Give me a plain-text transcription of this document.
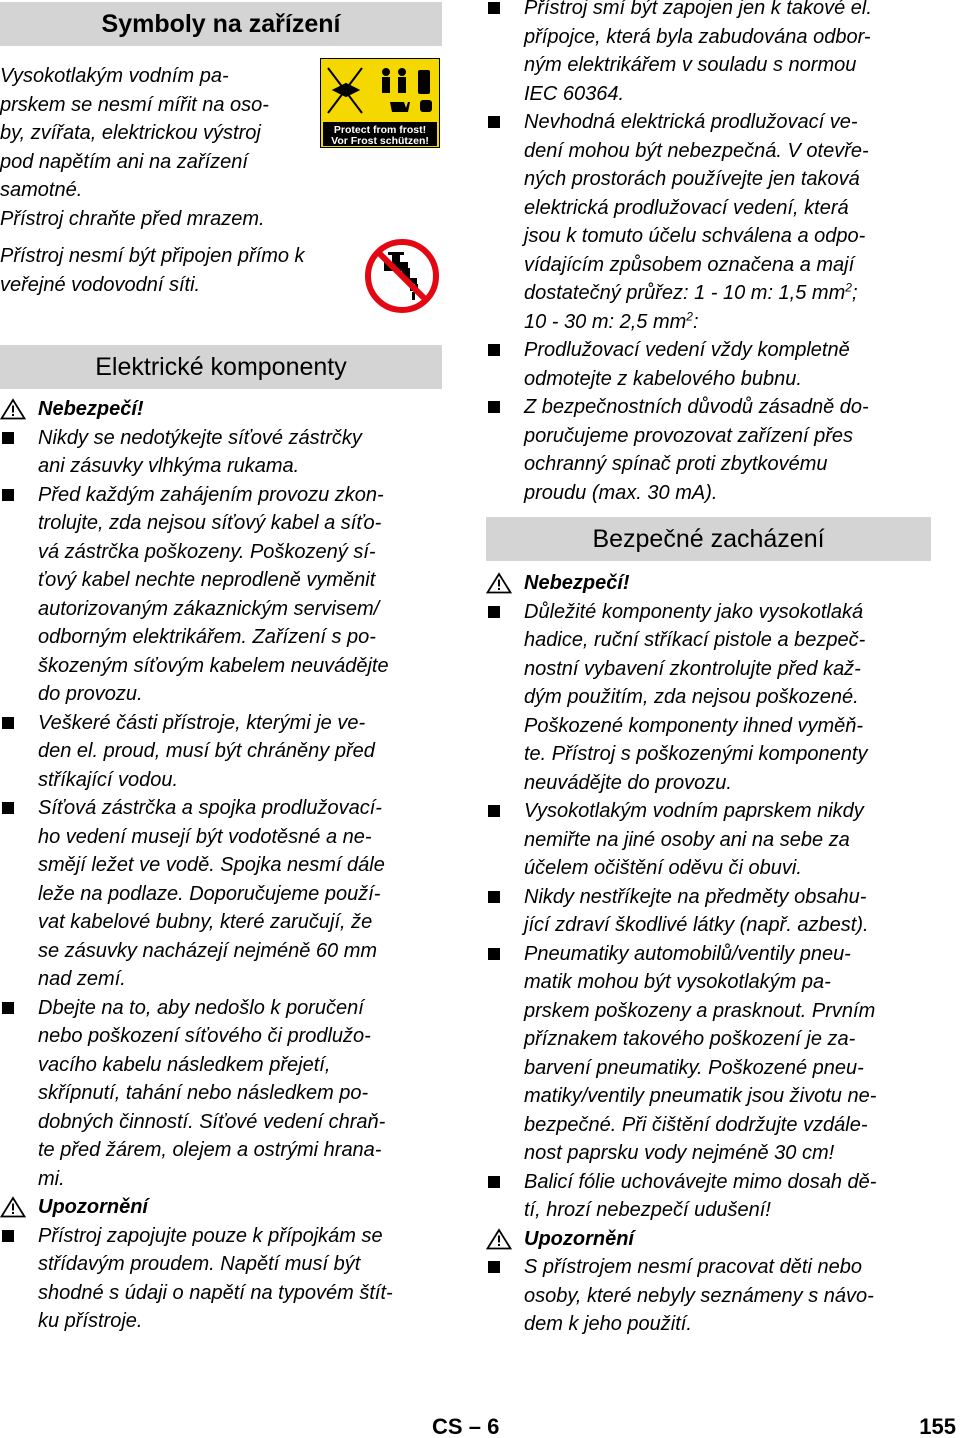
Symboly na zařízení
Vysokotlakým vodním pa-
prskem se nesmí mířit na oso-
by, zvířata, elektrickou výstroj
pod napětím ani na zařízení
samotné.
Přístroj chraňte před mrazem.
Přístroj nesmí být připojen přímo k
veřejné vodovodní síti.
Protect from frost!
Vor Frost schützen!
Elektrické komponenty
Nebezpečí!
Nikdy se nedotýkejte síťové zástrčky
ani zásuvky vlhkýma rukama.
Před každým zahájením provozu zkon-
trolujte, zda nejsou síťový kabel a síťo-
vá zástrčka poškozeny. Poškozený sí-
ťový kabel nechte neprodleně vyměnit
autorizovaným zákaznickým servisem/
odborným elektrikářem. Zařízení s po-
škozeným síťovým kabelem neuvádějte
do provozu.
Veškeré části přístroje, kterými je ve-
den el. proud, musí být chráněny před
stříkající vodou.
Síťová zástrčka a spojka prodlužovací-
ho vedení musejí být vodotěsné a ne-
smějí ležet ve vodě. Spojka nesmí dále
leže na podlaze. Doporučujeme použí-
vat kabelové bubny, které zaručují, že
se zásuvky nacházejí nejméně 60 mm
nad zemí.
Dbejte na to, aby nedošlo k poručení
nebo poškození síťového či prodlužo-
vacího kabelu následkem přejetí,
skřípnutí, tahání nebo následkem po-
dobných činností. Síťové vedení chraň-
te před žárem, olejem a ostrými hrana-
mi.
Upozornění
Přístroj zapojujte pouze k přípojkám se
střídavým proudem. Napětí musí být
shodné s údaji o napětí na typovém štít-
ku přístroje.
Přístroj smí být zapojen jen k takové el.
přípojce, která byla zabudována odbor-
ným elektrikářem v souladu s normou
IEC 60364.
Nevhodná elektrická prodlužovací ve-
dení mohou být nebezpečná. V otevře-
ných prostorách používejte jen taková
elektrická prodlužovací vedení, která
jsou k tomuto účelu schválena a odpo-
vídajícím způsobem označena a mají
dostatečný průřez: 1 - 10 m: 1,5 $mm^2$;
10 - 30 m: 2,5 $mm^2$:
Prodlužovací vedení vždy kompletně
odmotejte z kabelového bubnu.
Z bezpečnostních důvodů zásadně do-
poručujeme provozovat zařízení přes
ochranný spínač proti zbytkovému
proudu (max. 30 mA).
Bezpečné zacházení
Nebezpečí!
Důležité komponenty jako vysokotlaká
hadice, ruční stříkací pistole a bezpeč-
nostní vybavení zkontrolujte před kaž-
dým použitím, zda nejsou poškozené.
Poškozené komponenty ihned vyměň-
te. Přístroj s poškozenými komponenty
neuvádějte do provozu.
Vysokotlakým vodním paprskem nikdy
nemiřte na jiné osoby ani na sebe za
účelem očištění oděvu či obuvi.
Nikdy nestříkejte na předměty obsahu-
jící zdraví škodlivé látky (např. azbest).
Pneumatiky automobilů/ventily pneu-
matik mohou být vysokotlakým pa-
prskem poškozeny a prasknout. Prvním
příznakem takového poškození je za-
barvení pneumatiky. Poškozené pneu-
matiky/ventily pneumatik jsou životu ne-
bezpečné. Při čištění dodržujte vzdále-
nost paprsku vody nejméně 30 cm!
Balicí fólie uchovávejte mimo dosah dě-
tí, hrozí nebezpečí udušení!
Upozornění
S přístrojem nesmí pracovat děti nebo
osoby, které nebyly seznámeny s návo-
dem k jeho použití.
CS – 6	155
